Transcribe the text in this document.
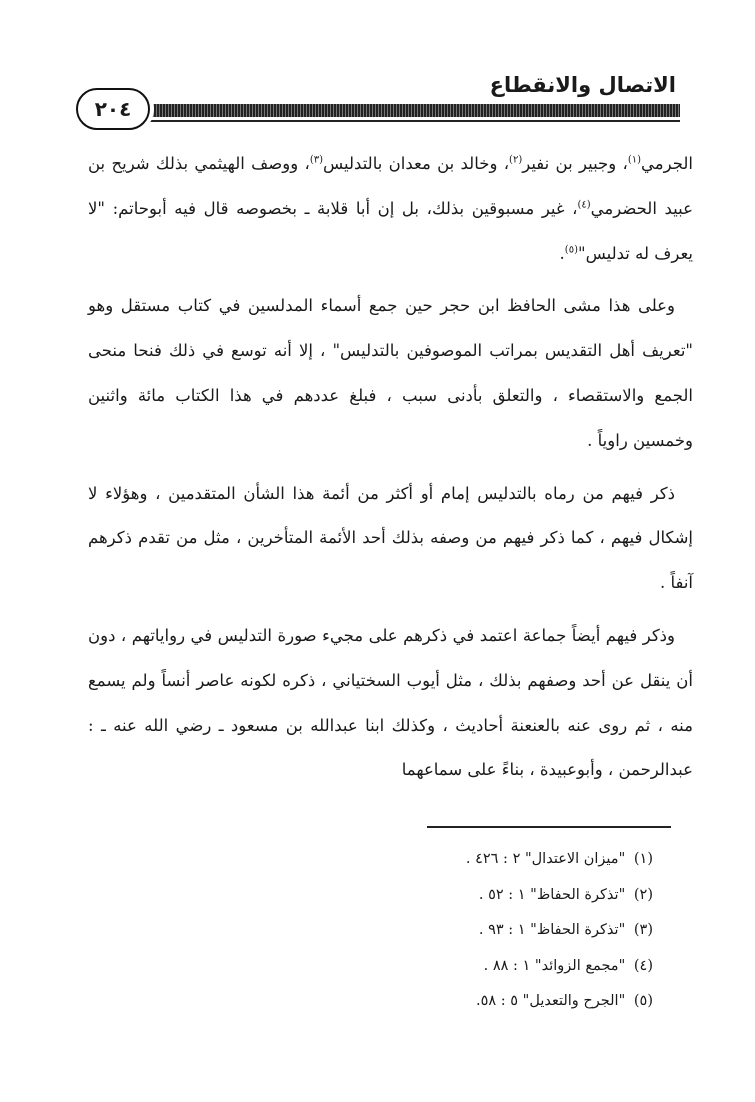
الاتصال والانقطاع
٢٠٤

الجرمي$^{(١)}$، وجبير بن نفير$^{(٢)}$، وخالد بن معدان بالتدليس$^{(٣)}$، ووصف الهيثمي بذلك شريح بن عبيد الحضرمي$^{(٤)}$، غير مسبوقين بذلك، بل إن أبا قلابة ـ بخصوصه قال فيه أبوحاتم: "لا يعرف له تدليس"$^{(٥)}$.

وعلى هذا مشى الحافظ ابن حجر حين جمع أسماء المدلسين في كتاب مستقل وهو "تعريف أهل التقديس بمراتب الموصوفين بالتدليس" ، إلا أنه توسع في ذلك فنحا منحى الجمع والاستقصاء ، والتعلق بأدنى سبب ، فبلغ عددهم في هذا الكتاب مائة واثنين وخمسين راوياً .

ذكر فيهم من رماه بالتدليس إمام أو أكثر من أئمة هذا الشأن المتقدمين ، وهؤلاء لا إشكال فيهم ، كما ذكر فيهم من وصفه بذلك أحد الأئمة المتأخرين ، مثل من تقدم ذكرهم آنفاً .

وذكر فيهم أيضاً جماعة اعتمد في ذكرهم على مجيء صورة التدليس في رواياتهم ، دون أن ينقل عن أحد وصفهم بذلك ، مثل أيوب السختياني ، ذكره لكونه عاصر أنساً ولم يسمع منه ، ثم روى عنه بالعنعنة أحاديث ، وكذلك ابنا عبدالله بن مسعود ـ رضي الله عنه ـ : عبدالرحمن ، وأبوعبيدة ، بناءً على سماعهما

(١) "ميزان الاعتدال" ٢ : ٤٢٦ .
(٢) "تذكرة الحفاظ" ١ : ٥٢ .
(٣) "تذكرة الحفاظ" ١ : ٩٣ .
(٤) "مجمع الزوائد" ١ : ٨٨ .
(٥) "الجرح والتعديل" ٥ : ٥٨.
